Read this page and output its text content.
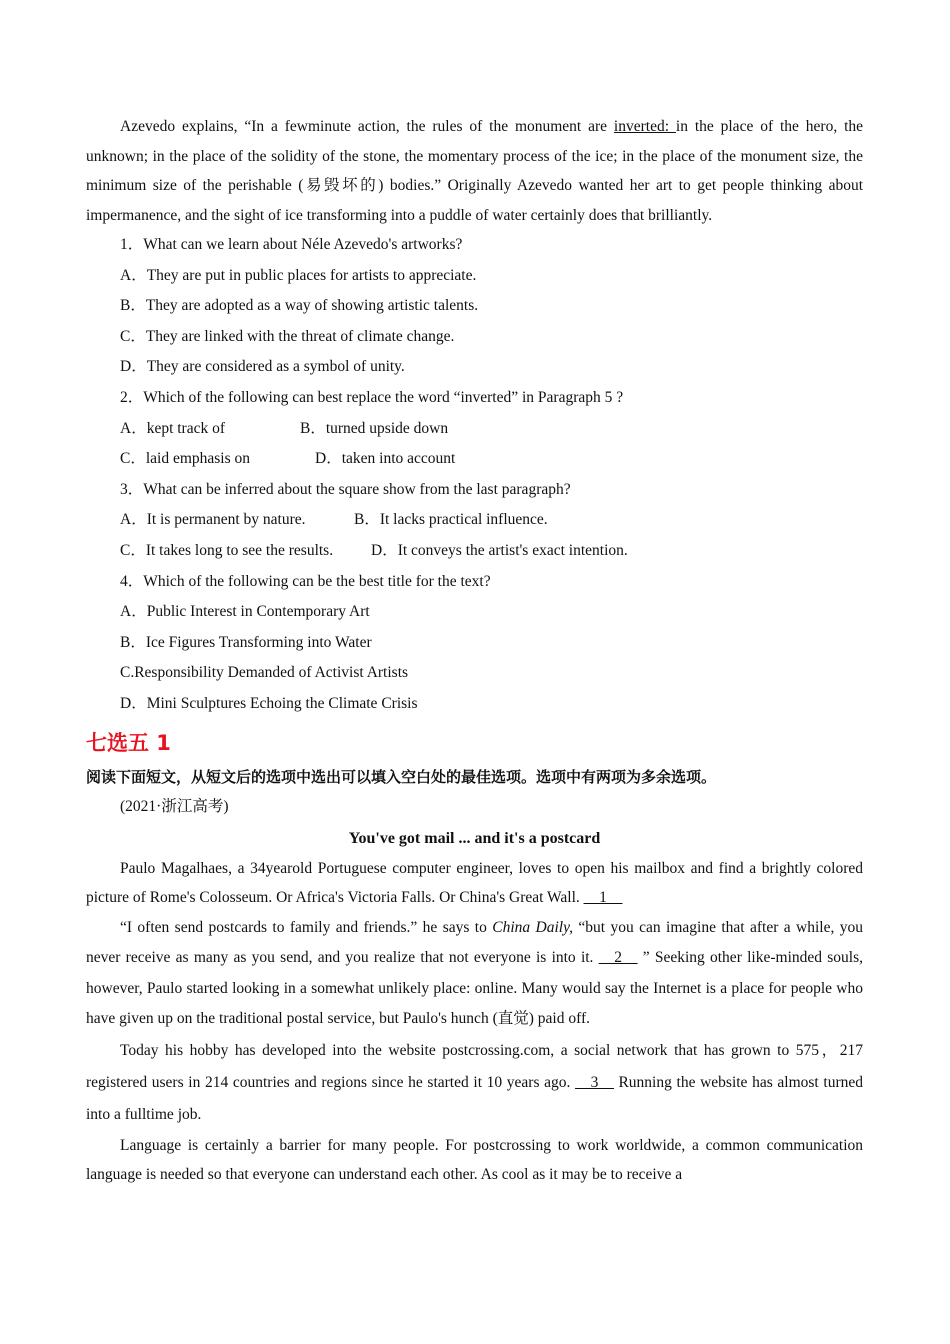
Azevedo explains, “In a fewminute action, the rules of the monument are inverted: in the place of the hero, the unknown; in the place of the solidity of the stone, the momentary process of the ice; in the place of the monument size, the minimum size of the perishable (易毁坏的) bodies.” Originally Azevedo wanted her art to get people thinking about impermanence, and the sight of ice transforming into a puddle of water certainly does that brilliantly.

1．What can we learn about Néle Azevedo's artworks?

A．They are put in public places for artists to appreciate.

B．They are adopted as a way of showing artistic talents.

C．They are linked with the threat of climate change.

D．They are considered as a symbol of unity.

2．Which of the following can best replace the word “inverted” in Paragraph 5 ?

A．kept track of	B．turned upside down

C．laid emphasis on	D．taken into account

3．What can be inferred about the square show from the last paragraph?

A．It is permanent by nature.	B．It lacks practical influence.

C．It takes long to see the results. D．It conveys the artist's exact intention.

4．Which of the following can be the best title for the text?

A．Public Interest in Contemporary Art

B．Ice Figures Transforming into Water

C.Responsibility Demanded of Activist Artists

D．Mini Sculptures Echoing the Climate Crisis

七选五 1

阅读下面短文，从短文后的选项中选出可以填入空白处的最佳选项。选项中有两项为多余选项。

(2021·浙江高考)

You've got mail ... and it's a postcard

Paulo Magalhaes, a 34yearold Portuguese computer engineer, loves to open his mailbox and find a brightly colored picture of Rome's Colosseum. Or Africa's Victoria Falls. Or China's Great Wall. __1__

“I often send postcards to family and friends.” he says to China Daily, “but you can imagine that after a while, you never receive as many as you send, and you realize that not everyone is into it. __2__ ” Seeking other like-minded souls, however, Paulo started looking in a somewhat unlikely place: online. Many would say the Internet is a place for people who have given up on the traditional postal service, but Paulo's hunch (直觉) paid off.

Today his hobby has developed into the website postcrossing.com, a social network that has grown to 575，217 registered users in 214 countries and regions since he started it 10 years ago. __3__ Running the website has almost turned into a fulltime job.

Language is certainly a barrier for many people. For postcrossing to work worldwide, a common communication language is needed so that everyone can understand each other. As cool as it may be to receive a
